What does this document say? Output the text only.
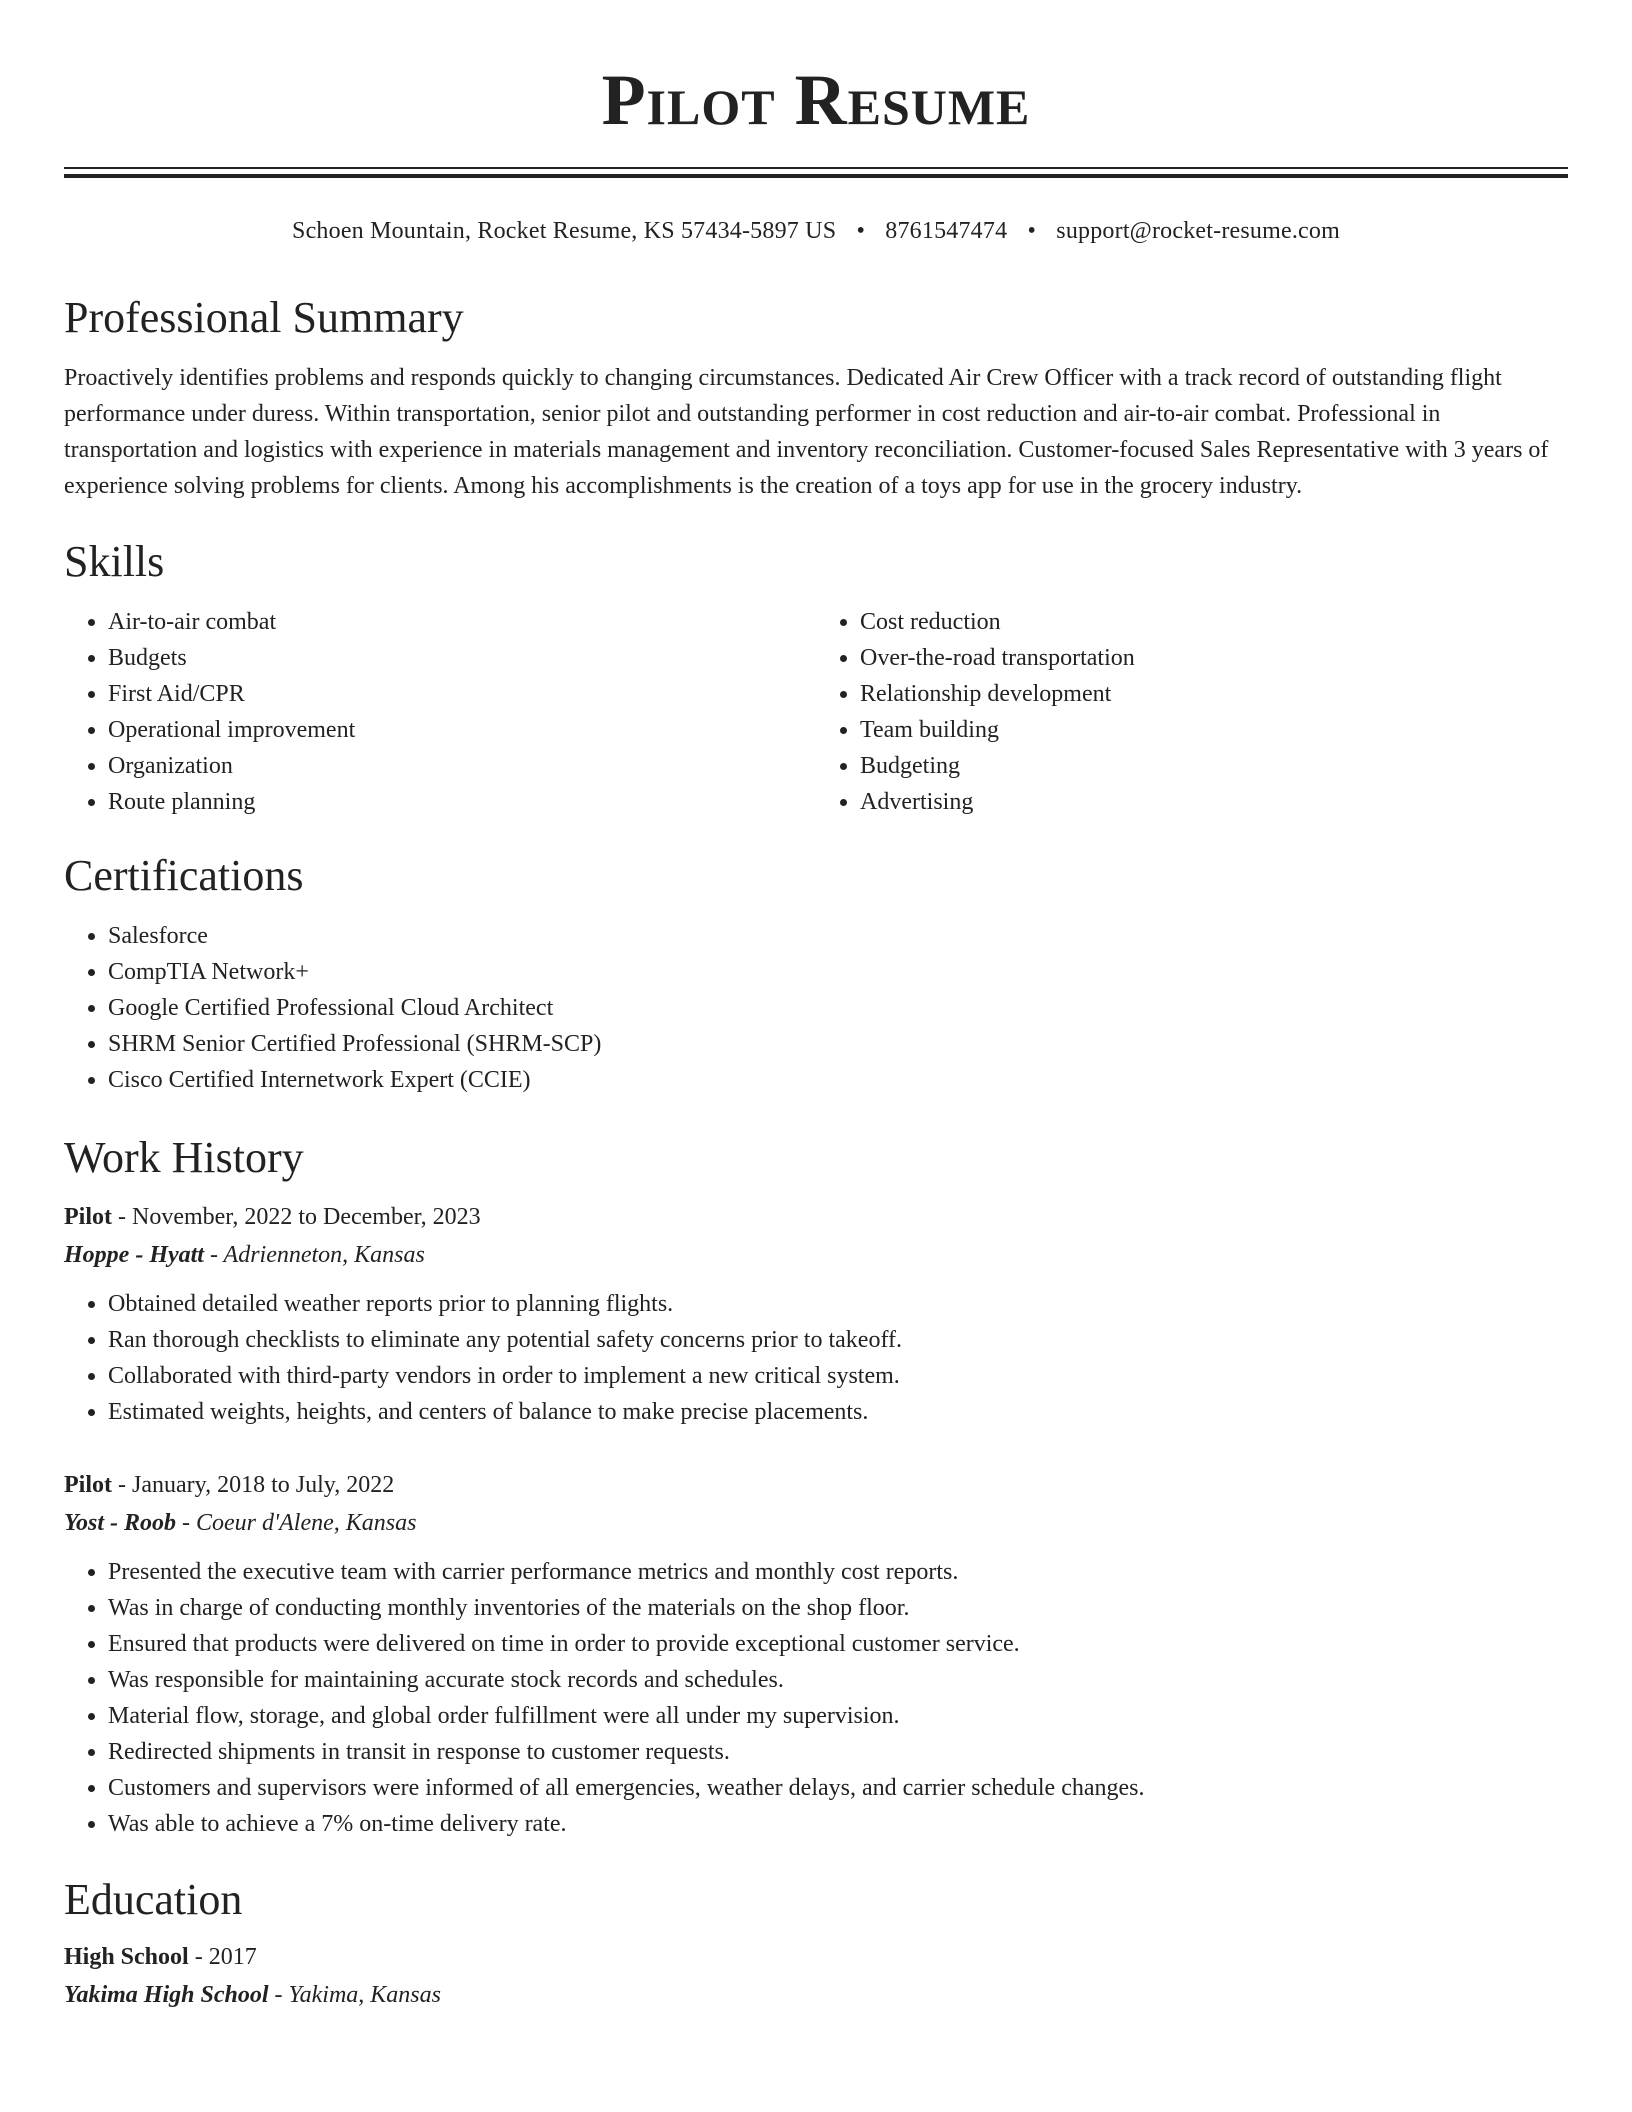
Pilot Resume
Schoen Mountain, Rocket Resume, KS 57434-5897 US • 8761547474 • support@rocket-resume.com
Professional Summary

Proactively identifies problems and responds quickly to changing circumstances. Dedicated Air Crew Officer with a track record of outstanding flight performance under duress. Within transportation, senior pilot and outstanding performer in cost reduction and air-to-air combat. Professional in transportation and logistics with experience in materials management and inventory reconciliation. Customer-focused Sales Representative with 3 years of experience solving problems for clients. Among his accomplishments is the creation of a toys app for use in the grocery industry.

Skills
• Air-to-air combat
• Budgets
• First Aid/CPR
• Operational improvement
• Organization
• Route planning
• Cost reduction
• Over-the-road transportation
• Relationship development
• Team building
• Budgeting
• Advertising
Certifications
• Salesforce
• CompTIA Network+
• Google Certified Professional Cloud Architect
• SHRM Senior Certified Professional (SHRM-SCP)
• Cisco Certified Internetwork Expert (CCIE)
Work History
Pilot - November, 2022 to December, 2023
Hoppe - Hyatt - Adrienneton, Kansas
• Obtained detailed weather reports prior to planning flights.
• Ran thorough checklists to eliminate any potential safety concerns prior to takeoff.
• Collaborated with third-party vendors in order to implement a new critical system.
• Estimated weights, heights, and centers of balance to make precise placements.
Pilot - January, 2018 to July, 2022
Yost - Roob - Coeur d'Alene, Kansas
• Presented the executive team with carrier performance metrics and monthly cost reports.
• Was in charge of conducting monthly inventories of the materials on the shop floor.
• Ensured that products were delivered on time in order to provide exceptional customer service.
• Was responsible for maintaining accurate stock records and schedules.
• Material flow, storage, and global order fulfillment were all under my supervision.
• Redirected shipments in transit in response to customer requests.
• Customers and supervisors were informed of all emergencies, weather delays, and carrier schedule changes.
• Was able to achieve a 7% on-time delivery rate.
Education
High School - 2017
Yakima High School - Yakima, Kansas
